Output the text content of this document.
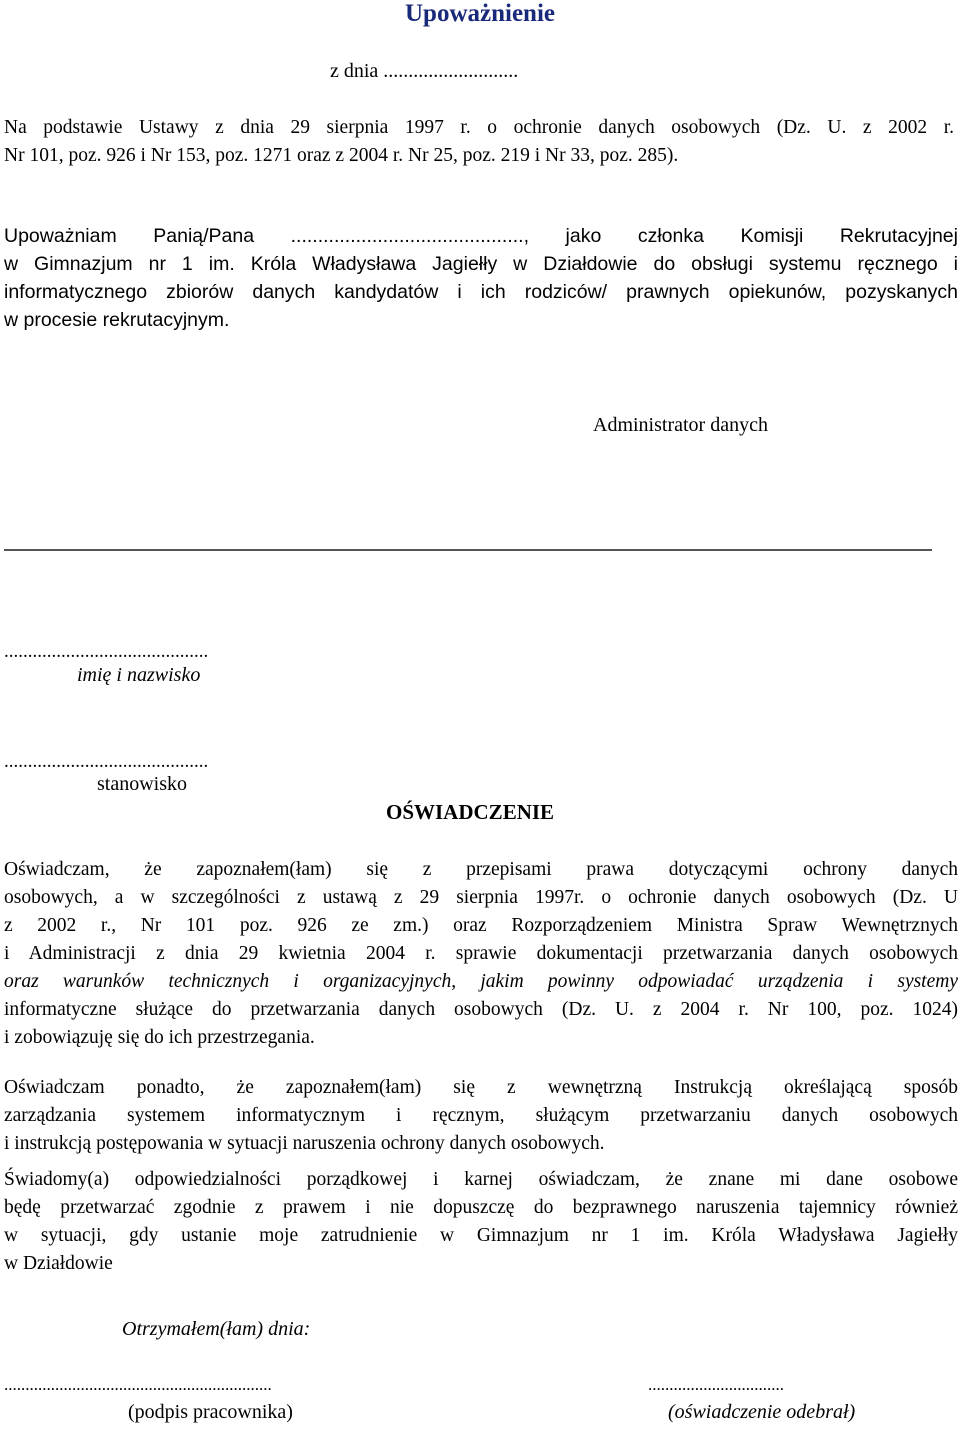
Upoważnienie
z dnia ...........................
Na podstawie Ustawy z dnia 29 sierpnia 1997 r. o ochronie danych osobowych (Dz. U. z 2002 r.
Nr 101, poz. 926 i Nr 153, poz. 1271 oraz z 2004 r. Nr 25, poz. 219 i Nr 33, poz. 285).
Upoważniam Panią/Pana ..........................................., jako członka Komisji Rekrutacyjnej
w Gimnazjum nr 1 im. Króla Władysława Jagiełły w Działdowie do obsługi systemu ręcznego i
informatycznego zbiorów danych kandydatów i ich rodziców/ prawnych opiekunów, pozyskanych
w procesie rekrutacyjnym.
Administrator danych
...........................................
imię i nazwisko
...........................................
stanowisko
OŚWIADCZENIE
Oświadczam, że zapoznałem(łam) się z przepisami prawa dotyczącymi ochrony danych
osobowych, a w szczególności z ustawą z 29 sierpnia 1997r. o ochronie danych osobowych (Dz. U
z 2002 r., Nr 101 poz. 926 ze zm.) oraz Rozporządzeniem Ministra Spraw Wewnętrznych
i Administracji z dnia 29 kwietnia 2004 r. sprawie dokumentacji przetwarzania danych osobowych
oraz warunków technicznych i organizacyjnych, jakim powinny odpowiadać urządzenia i systemy
informatyczne służące do przetwarzania danych osobowych (Dz. U. z 2004 r. Nr 100, poz. 1024)
i zobowiązuję się do ich przestrzegania.
Oświadczam ponadto, że zapoznałem(łam) się z wewnętrzną Instrukcją określającą sposób
zarządzania systemem informatycznym i ręcznym, służącym przetwarzaniu danych osobowych
i instrukcją postępowania w sytuacji naruszenia ochrony danych osobowych.
Świadomy(a) odpowiedzialności porządkowej i karnej oświadczam, że znane mi dane osobowe
będę przetwarzać zgodnie z prawem i nie dopuszczę do bezprawnego naruszenia tajemnicy również
w sytuacji, gdy ustanie moje zatrudnienie w Gimnazjum nr 1 im. Króla Władysława Jagiełły
w Działdowie
Otrzymałem(łam) dnia:
...............................................................	................................
(podpis pracownika)	(oświadczenie odebrał)
